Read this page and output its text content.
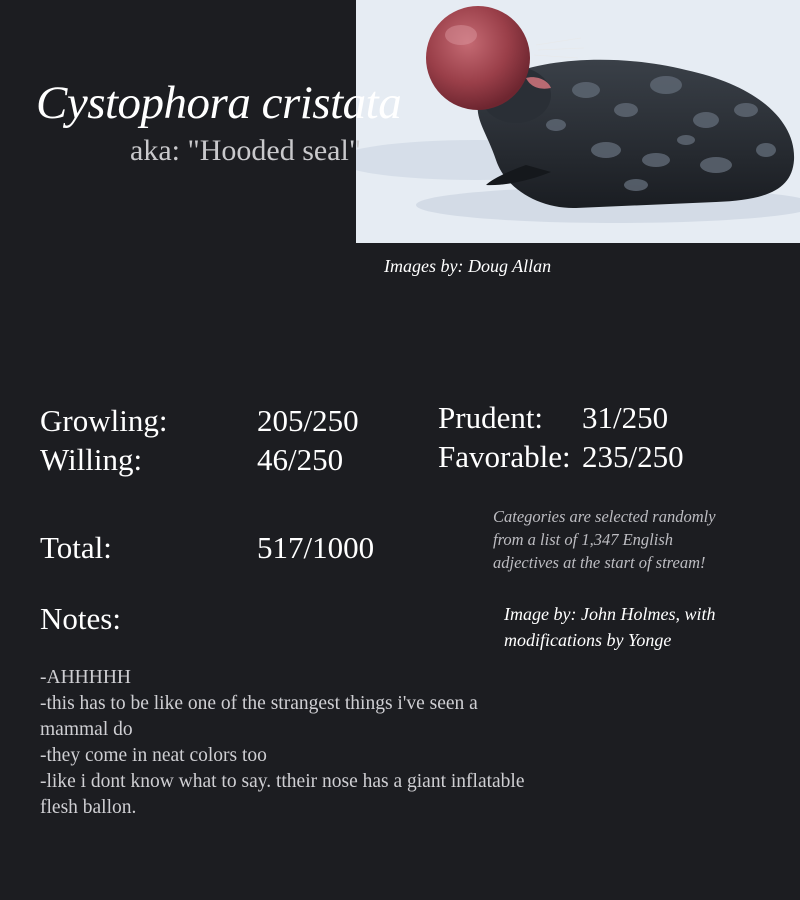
Cystophora cristata
aka: "Hooded seal"
Images by: Doug Allan
Growling:	205/250
Willing:	46/250
Prudent: 31/250
Favorable: 235/250
Total:	517/1000
Categories are selected randomly from a list of 1,347 English adjectives at the start of stream!
Image by: John Holmes, with modifications by Yonge
Notes:
-AHHHHH
-this has to be like one of the strangest things i've seen a mammal do
-they come in neat colors too
-like i dont know what to say. ttheir nose has a giant inflatable flesh ballon.
